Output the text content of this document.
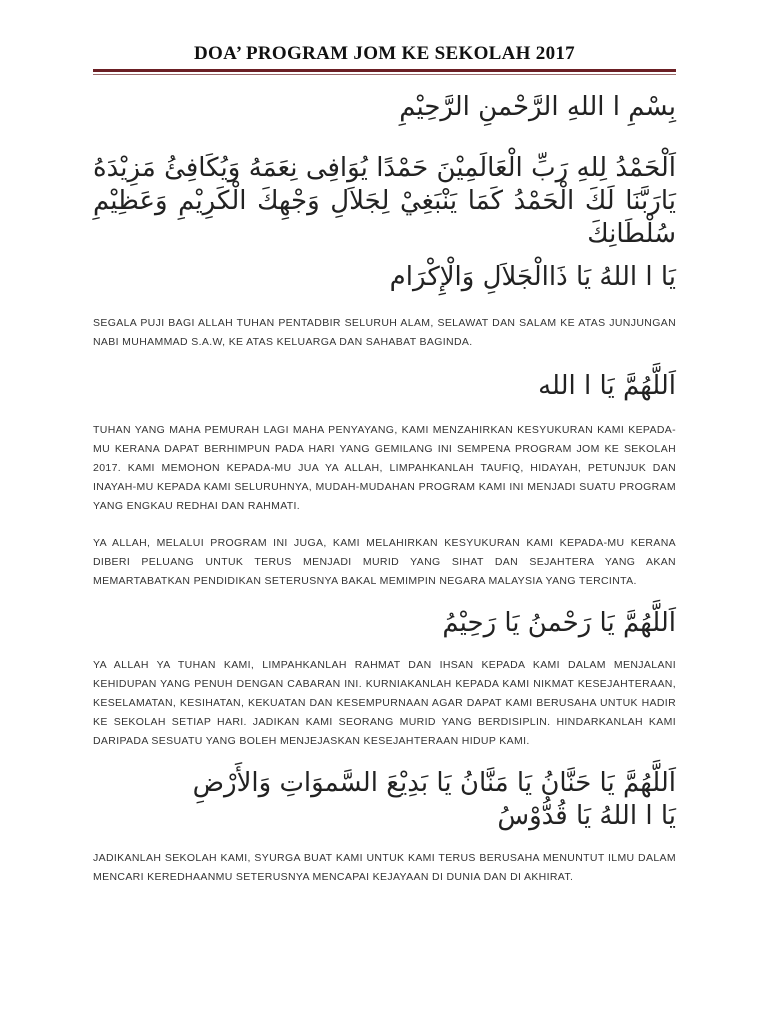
DOA’ PROGRAM JOM KE SEKOLAH 2017

بِسْمِ ا اللهِ الرَّحْمنِ الرَّحِيْمِ

اَلْحَمْدُ لِلهِ رَبِّ الْعَالَمِيْنَ حَمْدًا يُوَافِى نِعَمَهُ وَيُكَافِئُ مَزِيْدَهُ يَارَبَّنَا لَكَ الْحَمْدُ كَمَا يَنْبَغِيْ لِجَلاَلِ وَجْهِكَ الْكَرِيْمِ وَعَظِيْمِ سُلْطَانِكَ

يَا ا اللهُ يَا ذَاالْجَلاَلِ وَالْإِكْرَام

SEGALA PUJI BAGI ALLAH TUHAN PENTADBIR SELURUH ALAM, SELAWAT DAN SALAM KE ATAS JUNJUNGAN NABI MUHAMMAD S.A.W, KE ATAS KELUARGA DAN SAHABAT BAGINDA.

اَللَّهُمَّ يَا ا الله

TUHAN YANG MAHA PEMURAH LAGI MAHA PENYAYANG, KAMI MENZAHIRKAN KESYUKURAN KAMI KEPADA-MU KERANA DAPAT BERHIMPUN PADA HARI YANG GEMILANG INI SEMPENA PROGRAM JOM KE SEKOLAH 2017. KAMI MEMOHON KEPADA-MU JUA YA ALLAH, LIMPAHKANLAH TAUFIQ, HIDAYAH, PETUNJUK DAN INAYAH-MU KEPADA KAMI SELURUHNYA, MUDAH-MUDAHAN PROGRAM KAMI INI MENJADI SUATU PROGRAM YANG ENGKAU REDHAI DAN RAHMATI.

YA ALLAH, MELALUI PROGRAM INI JUGA, KAMI MELAHIRKAN KESYUKURAN KAMI KEPADA-MU KERANA DIBERI PELUANG UNTUK TERUS MENJADI MURID YANG SIHAT DAN SEJAHTERA YANG AKAN MEMARTABATKAN PENDIDIKAN SETERUSNYA BAKAL MEMIMPIN NEGARA MALAYSIA YANG TERCINTA.

اَللَّهُمَّ يَا رَحْمنُ يَا رَحِيْمُ

YA ALLAH YA TUHAN KAMI, LIMPAHKANLAH RAHMAT DAN IHSAN KEPADA KAMI DALAM MENJALANI KEHIDUPAN YANG PENUH DENGAN CABARAN INI. KURNIAKANLAH KEPADA KAMI NIKMAT KESEJAHTERAAN, KESELAMATAN, KESIHATAN, KEKUATAN DAN KESEMPURNAAN AGAR DAPAT KAMI BERUSAHA UNTUK HADIR KE SEKOLAH SETIAP HARI. JADIKAN KAMI SEORANG MURID YANG BERDISIPLIN. HINDARKANLAH KAMI DARIPADA SESUATU YANG BOLEH MENJEJASKAN KESEJAHTERAAN HIDUP KAMI.

اَللَّهُمَّ يَا حَنَّانُ يَا مَنَّانُ يَا بَدِيْعَ السَّموَاتِ وَالأَرْضِ

يَا ا اللهُ يَا قُدُّوْسُ

JADIKANLAH SEKOLAH KAMI, SYURGA BUAT KAMI UNTUK KAMI TERUS BERUSAHA MENUNTUT ILMU DALAM MENCARI KEREDHAANMU SETERUSNYA MENCAPAI KEJAYAAN DI DUNIA DAN DI AKHIRAT.
